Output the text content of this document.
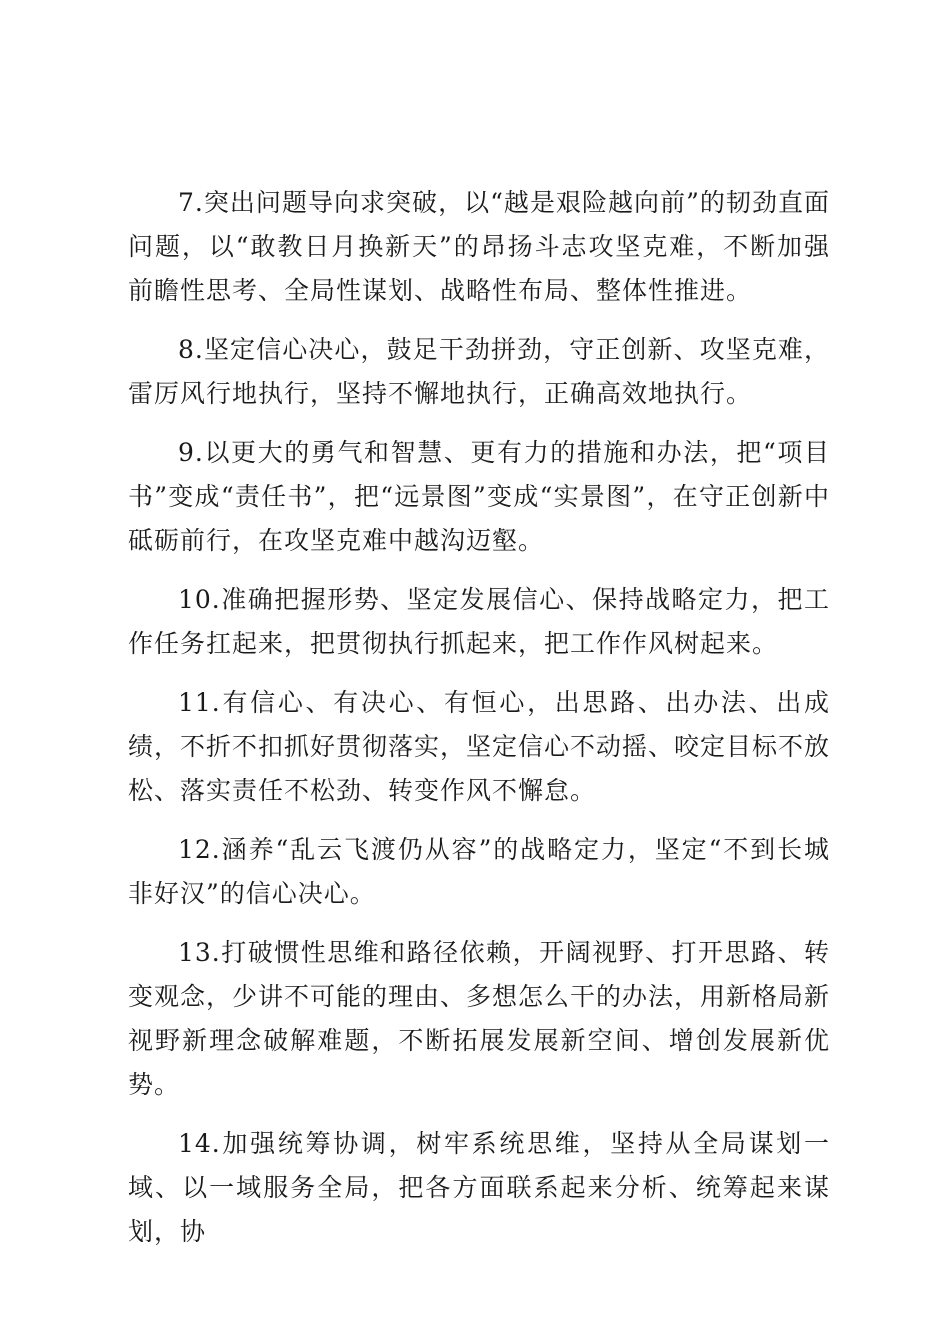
7.突出问题导向求突破，以“越是艰险越向前”的韧劲直面问题，以“敢教日月换新天”的昂扬斗志攻坚克难，不断加强前瞻性思考、全局性谋划、战略性布局、整体性推进。

8.坚定信心决心，鼓足干劲拼劲，守正创新、攻坚克难，雷厉风行地执行，坚持不懈地执行，正确高效地执行。

9.以更大的勇气和智慧、更有力的措施和办法，把“项目书”变成“责任书”，把“远景图”变成“实景图”，在守正创新中砥砺前行，在攻坚克难中越沟迈壑。

10.准确把握形势、坚定发展信心、保持战略定力，把工作任务扛起来，把贯彻执行抓起来，把工作作风树起来。

11.有信心、有决心、有恒心，出思路、出办法、出成绩，不折不扣抓好贯彻落实，坚定信心不动摇、咬定目标不放松、落实责任不松劲、转变作风不懈怠。

12.涵养“乱云飞渡仍从容”的战略定力，坚定“不到长城非好汉”的信心决心。

13.打破惯性思维和路径依赖，开阔视野、打开思路、转变观念，少讲不可能的理由、多想怎么干的办法，用新格局新视野新理念破解难题，不断拓展发展新空间、增创发展新优势。

14.加强统筹协调，树牢系统思维，坚持从全局谋划一域、以一域服务全局，把各方面联系起来分析、统筹起来谋划，协
